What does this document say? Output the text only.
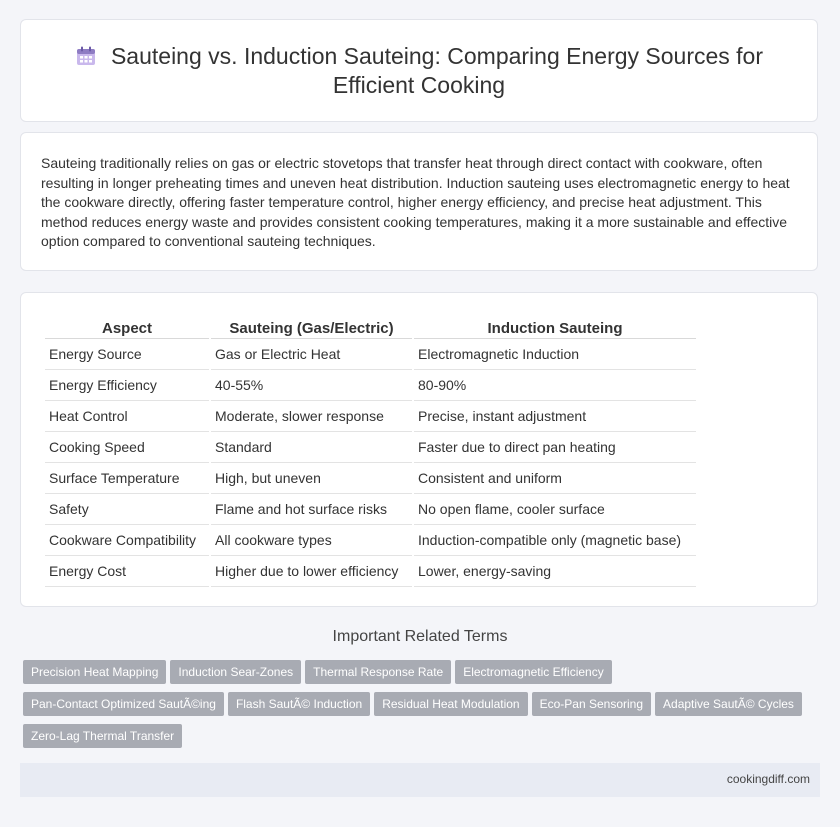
Sauteing vs. Induction Sauteing: Comparing Energy Sources for
Efficient Cooking
Sauteing traditionally relies on gas or electric stovetops that transfer heat through direct contact with cookware, often resulting in longer preheating times and uneven heat distribution. Induction sauteing uses electromagnetic energy to heat the cookware directly, offering faster temperature control, higher energy efficiency, and precise heat adjustment. This method reduces energy waste and provides consistent cooking temperatures, making it a more sustainable and effective option compared to conventional sauteing techniques.
Aspect	Sauteing (Gas/Electric)	Induction Sauteing
Energy Source	Gas or Electric Heat	Electromagnetic Induction
Energy Efficiency	40-55%	80-90%
Heat Control	Moderate, slower response	Precise, instant adjustment
Cooking Speed	Standard	Faster due to direct pan heating
Surface Temperature	High, but uneven	Consistent and uniform
Safety	Flame and hot surface risks	No open flame, cooler surface
Cookware Compatibility	All cookware types	Induction-compatible only (magnetic base)
Energy Cost	Higher due to lower efficiency	Lower, energy-saving
Important Related Terms
Precision Heat Mapping Induction Sear-Zones Thermal Response Rate Electromagnetic Efficiency
Pan-Contact Optimized SautÃ©ing Flash SautÃ© Induction Residual Heat Modulation Eco-Pan Sensoring Adaptive SautÃ© Cycles
Zero-Lag Thermal Transfer
cookingdiff.com
